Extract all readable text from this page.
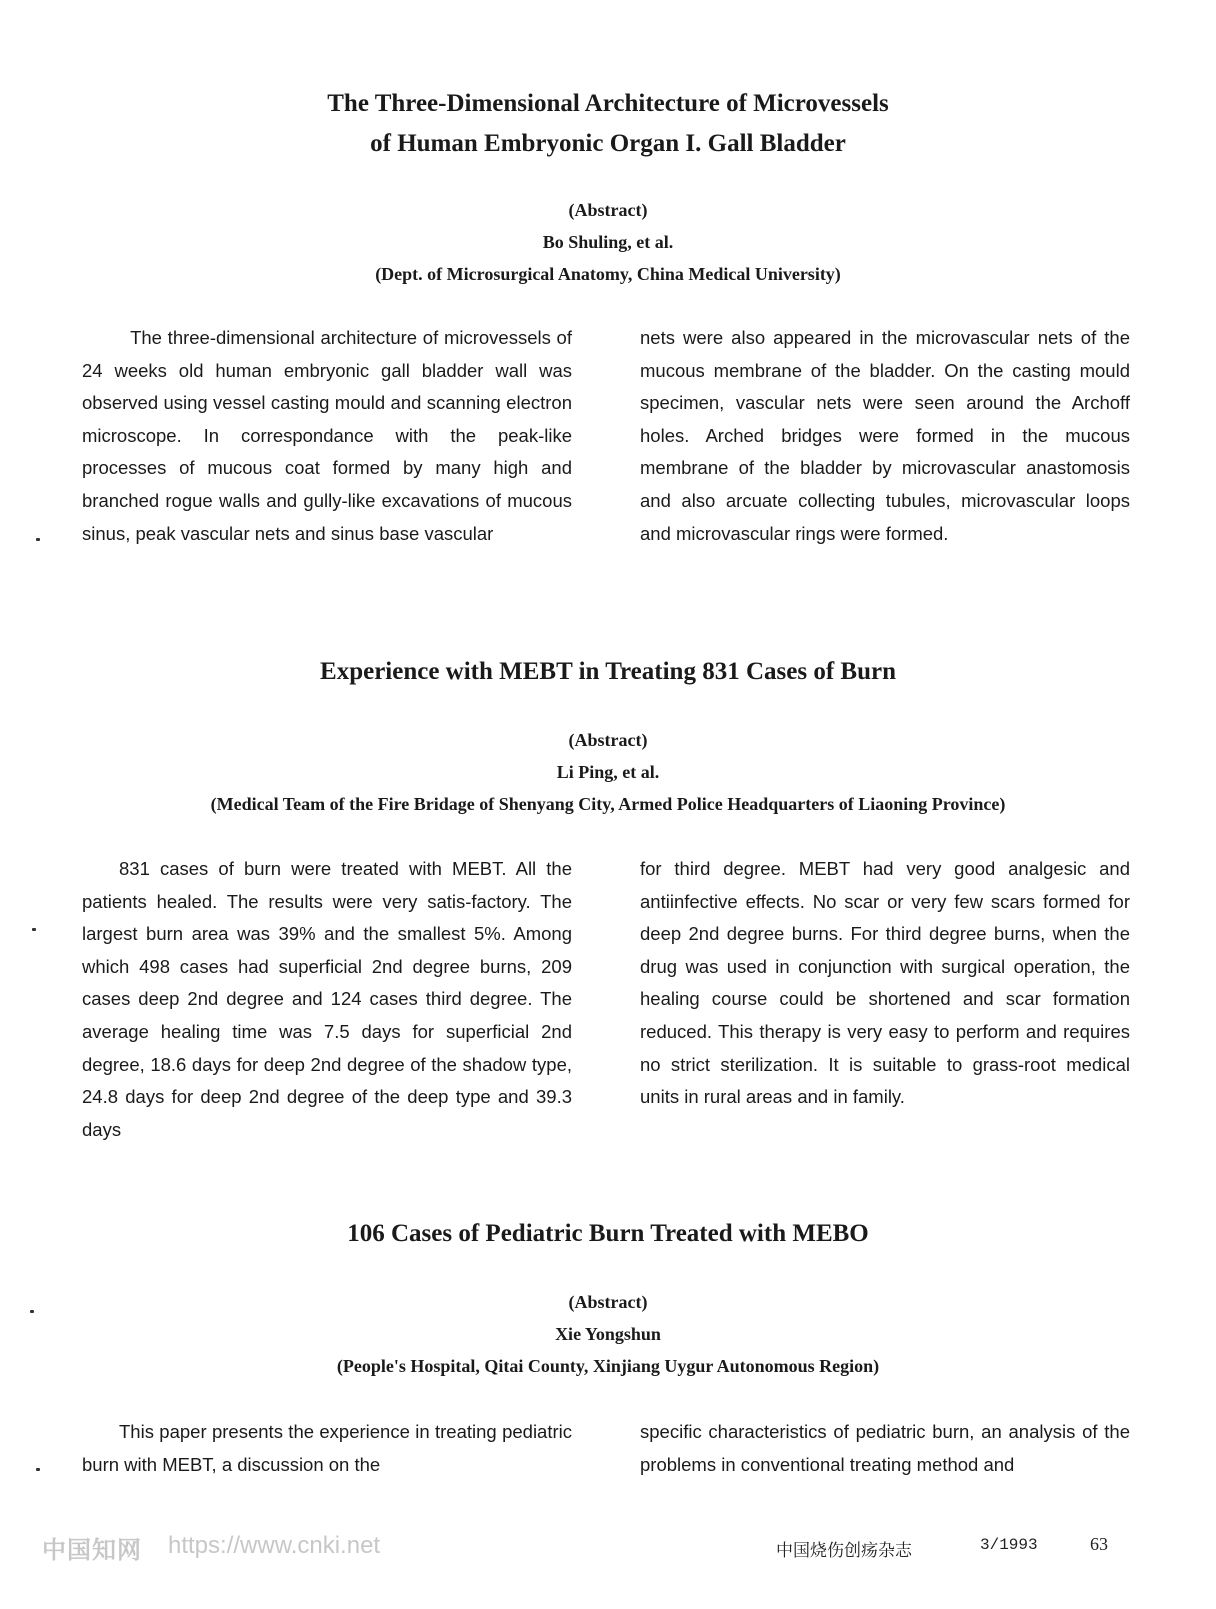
The Three-Dimensional Architecture of Microvessels
of Human Embryonic Organ I. Gall Bladder
(Abstract)
Bo Shuling, et al.
(Dept. of Microsurgical Anatomy, China Medical University)

The three-dimensional architecture of microvessels of 24 weeks old human embryonic gall bladder wall was observed using vessel casting mould and scanning electron microscope. In correspondance with the peak-like processes of mucous coat formed by many high and branched rogue walls and gully-like excavations of mucous sinus, peak vascular nets and sinus base vascular

nets were also appeared in the microvascular nets of the mucous membrane of the bladder. On the casting mould specimen, vascular nets were seen around the Archoff holes. Arched bridges were formed in the mucous membrane of the bladder by microvascular anastomosis and also arcuate collecting tubules, microvascular loops and microvascular rings were formed.

Experience with MEBT in Treating 831 Cases of Burn
(Abstract)
Li Ping, et al.
(Medical Team of the Fire Bridage of Shenyang City, Armed Police Headquarters of Liaoning Province)

831 cases of burn were treated with MEBT. All the patients healed. The results were very satis-factory. The largest burn area was 39% and the smallest 5%. Among which 498 cases had superficial 2nd degree burns, 209 cases deep 2nd degree and 124 cases third degree. The average healing time was 7.5 days for superficial 2nd degree, 18.6 days for deep 2nd degree of the shadow type, 24.8 days for deep 2nd degree of the deep type and 39.3 days

for third degree. MEBT had very good analgesic and antiinfective effects. No scar or very few scars formed for deep 2nd degree burns. For third degree burns, when the drug was used in conjunction with surgical operation, the healing course could be shortened and scar formation reduced. This therapy is very easy to perform and requires no strict sterilization. It is suitable to grass-root medical units in rural areas and in family.

106 Cases of Pediatric Burn Treated with MEBO
(Abstract)
Xie Yongshun
(People's Hospital, Qitai County, Xinjiang Uygur Autonomous Region)

This paper presents the experience in treating pediatric burn with MEBT, a discussion on the

specific characteristics of pediatric burn, an analysis of the problems in conventional treating method and

中国知网 https://www.cnki.net	中国烧伤创疡杂志	3/1993	63
